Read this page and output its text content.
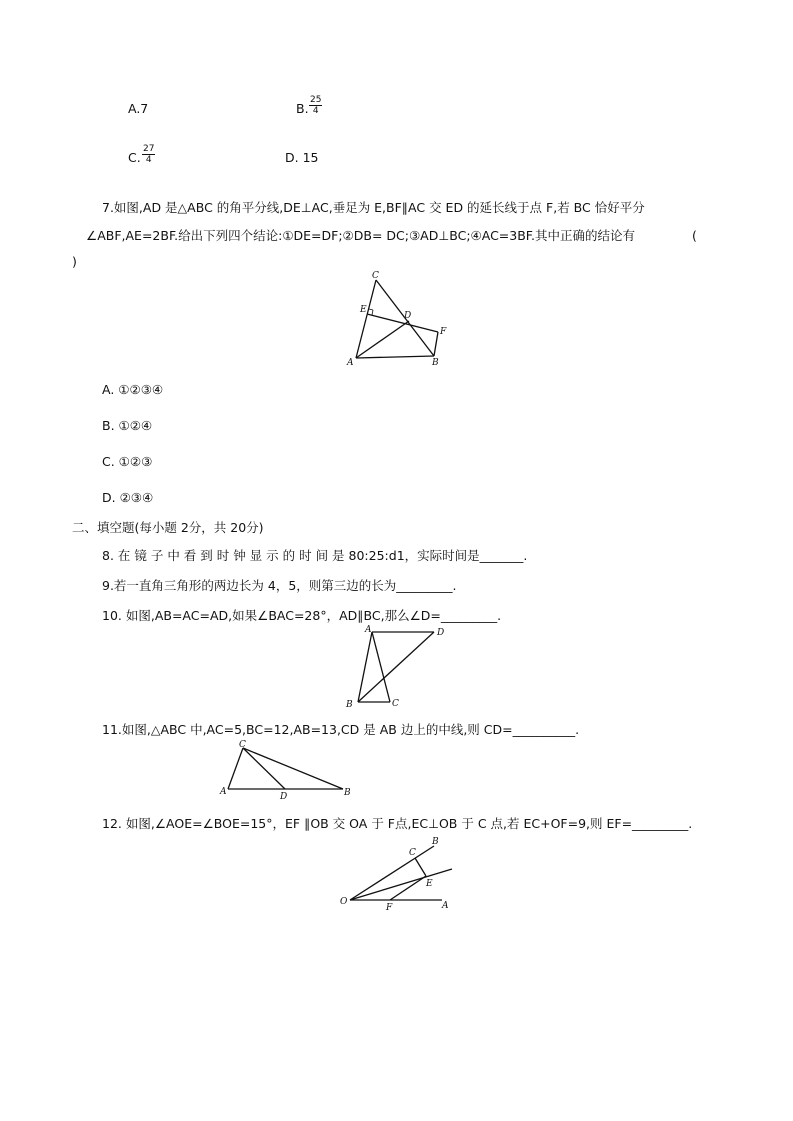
A.7	B. $\frac{25}{4}$
C. $\frac{27}{4}$	D. 15
7.如图,AD 是△ABC 的角平分线,DE⊥AC,垂足为 E,BF∥AC 交 ED 的延长线于点 F,若 BC 恰好平分
∠ABF,AE=2BF.给出下列四个结论:①DE=DF;②DB= DC;③AD⊥BC;④AC=3BF.其中正确的结论有	(
)
C
E
D
F
A	B
A. ①②③④
B. ①②④
C. ①②③
D. ②③④
二、填空题(每小题 2分，共 20分)
8. 在 镜 子 中 看 到 时 钟 显 示 的 时 间 是 80:25:d1，实际时间是_______.
9.若一直角三角形的两边长为 4，5，则第三边的长为_________.
10. 如图,AB=AC=AD,如果∠BAC=28°，AD∥BC,那么∠D=_________.
A	D
B	C
11.如图,△ABC 中,AC=5,BC=12,AB=13,CD 是 AB 边上的中线,则 CD=__________.
C
A	D	B
12. 如图,∠AOE=∠BOE=15°，EF ∥OB 交 OA 于 F点,EC⊥OB 于 C 点,若 EC+OF=9,则 EF=_________.
B
C
E
O
F	A
